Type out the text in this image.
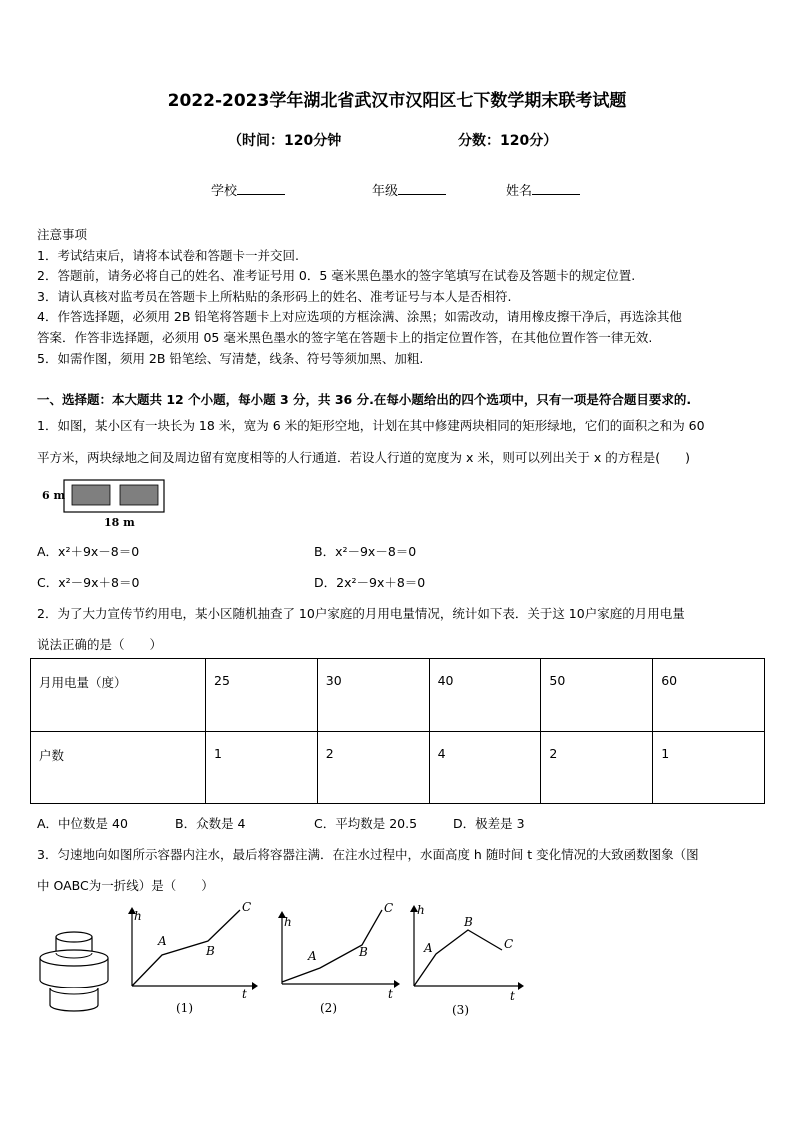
2022-2023学年湖北省武汉市汉阳区七下数学期末联考试题
（时间：120分钟	分数：120分）
学校	年级	姓名
注意事项
1．考试结束后，请将本试卷和答题卡一并交回.
2．答题前，请务必将自己的姓名、准考证号用 0．5 毫米黑色墨水的签字笔填写在试卷及答题卡的规定位置.
3．请认真核对监考员在答题卡上所粘贴的条形码上的姓名、准考证号与本人是否相符.
4．作答选择题，必须用 2B 铅笔将答题卡上对应选项的方框涂满、涂黑；如需改动，请用橡皮擦干净后，再选涂其他
答案．作答非选择题，必须用 05 毫米黑色墨水的签字笔在答题卡上的指定位置作答，在其他位置作答一律无效.
5．如需作图，须用 2B 铅笔绘、写清楚，线条、符号等须加黑、加粗.
一、选择题：本大题共 12 个小题，每小题 3 分，共 36 分.在每小题给出的四个选项中，只有一项是符合题目要求的.
1．如图，某小区有一块长为 18 米，宽为 6 米的矩形空地，计划在其中修建两块相同的矩形绿地，它们的面积之和为 60
平方米，两块绿地之间及周边留有宽度相等的人行通道．若设人行道的宽度为 x 米，则可以列出关于 x 的方程是(　　)
6 m
18 m
A．x²＋9x－8＝0	B．x²－9x－8＝0
C．x²－9x＋8＝0	D．2x²－9x＋8＝0
2．为了大力宣传节约用电，某小区随机抽查了 10户家庭的月用电量情况，统计如下表．关于这 10户家庭的月用电量
说法正确的是（　　）
月用电量（度）	25	30	40	50	60
户数	1	2	4	2	1
A．中位数是 40	B．众数是 4	C．平均数是 20.5	D．极差是 3
3．匀速地向如图所示容器内注水，最后将容器注满．在注水过程中，水面高度 h 随时间 t 变化情况的大致函数图象（图
中 OABC为一折线）是（　　）
h
t
A
B
C
(1)
h
t
A	B
C
(2)
h
t
A
B
C
(3)
